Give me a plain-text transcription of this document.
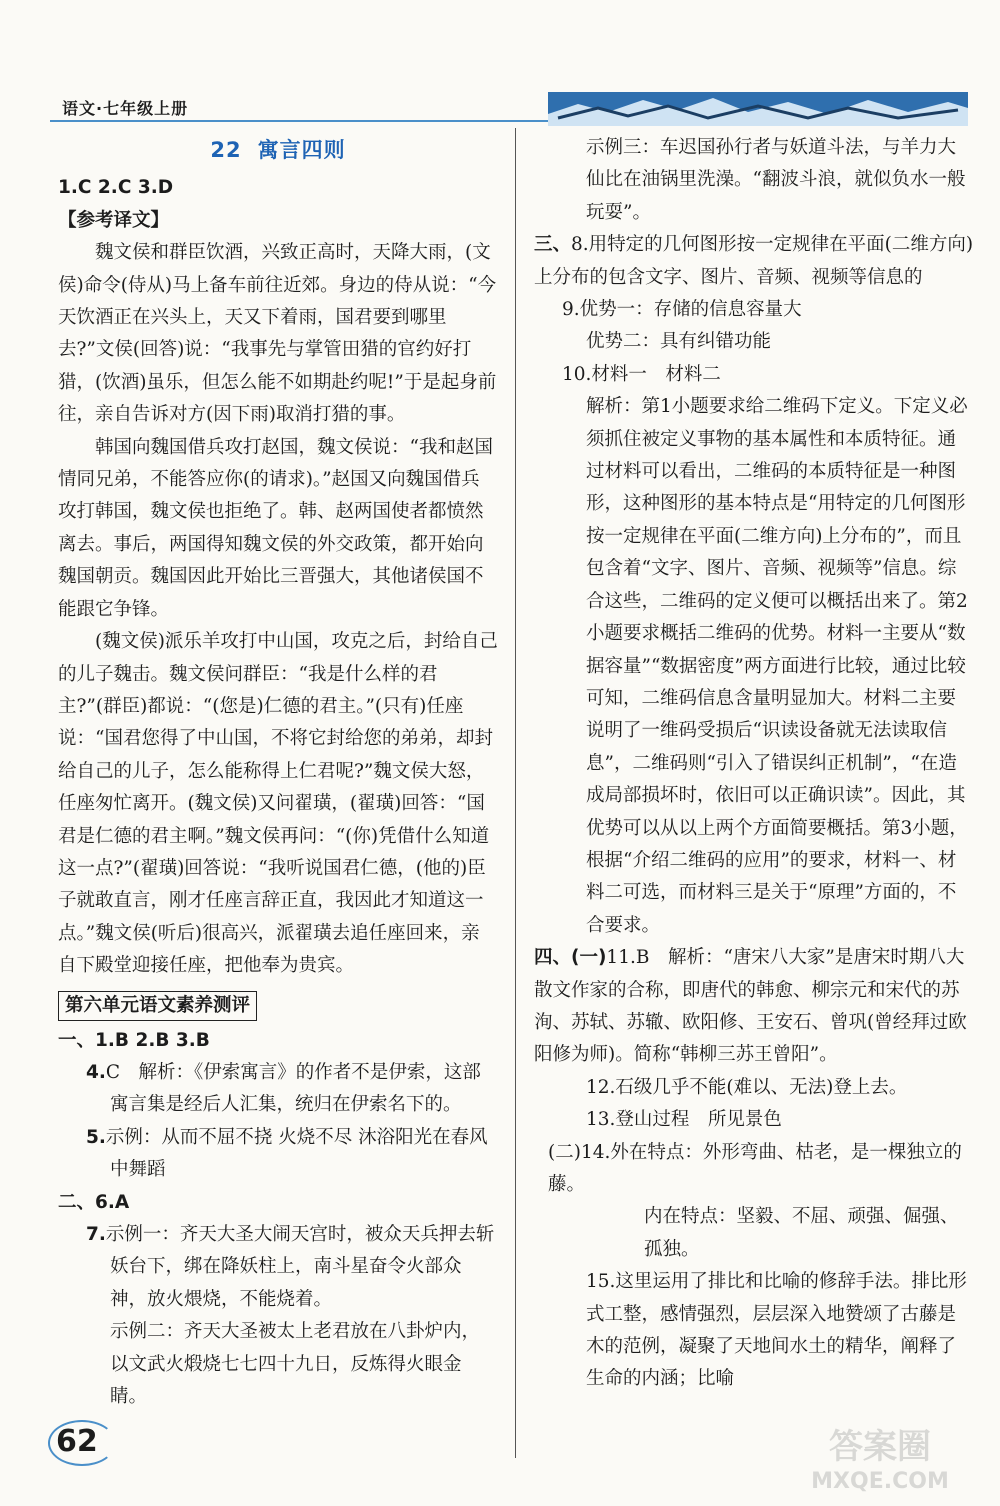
语文·七年级上册
22 寓言四则

1.C 2.C 3.D

【参考译文】

魏文侯和群臣饮酒，兴致正高时，天降大雨，(文侯)命令(侍从)马上备车前往近郊。身边的侍从说：“今天饮酒正在兴头上，天又下着雨，国君要到哪里去?”文侯(回答)说：“我事先与掌管田猎的官约好打猎，(饮酒)虽乐，但怎么能不如期赴约呢!”于是起身前往，亲自告诉对方(因下雨)取消打猎的事。

韩国向魏国借兵攻打赵国，魏文侯说：“我和赵国情同兄弟，不能答应你(的请求)。”赵国又向魏国借兵攻打韩国，魏文侯也拒绝了。韩、赵两国使者都愤然离去。事后，两国得知魏文侯的外交政策，都开始向魏国朝贡。魏国因此开始比三晋强大，其他诸侯国不能跟它争锋。

(魏文侯)派乐羊攻打中山国，攻克之后，封给自己的儿子魏击。魏文侯问群臣：“我是什么样的君主?”(群臣)都说：“(您是)仁德的君主。”(只有)任座说：“国君您得了中山国，不将它封给您的弟弟，却封给自己的儿子，怎么能称得上仁君呢?”魏文侯大怒，任座匆忙离开。(魏文侯)又问翟璜，(翟璜)回答：“国君是仁德的君主啊。”魏文侯再问：“(你)凭借什么知道这一点?”(翟璜)回答说：“我听说国君仁德，(他的)臣子就敢直言，刚才任座言辞正直，我因此才知道这一点。”魏文侯(听后)很高兴，派翟璜去追任座回来，亲自下殿堂迎接任座，把他奉为贵宾。

第六单元语文素养测评

一、1.B 2.B 3.B

4.C　解析：《伊索寓言》的作者不是伊索，这部寓言集是经后人汇集，统归在伊索名下的。

5.示例：从而不屈不挠 火烧不尽 沐浴阳光在春风中舞蹈

二、6.A

7.示例一：齐天大圣大闹天宫时，被众天兵押去斩妖台下，绑在降妖柱上，南斗星奋令火部众神，放火煨烧，不能烧着。

示例二：齐天大圣被太上老君放在八卦炉内，以文武火煅烧七七四十九日，反炼得火眼金睛。

示例三：车迟国孙行者与妖道斗法，与羊力大仙比在油锅里洗澡。“翻波斗浪，就似负水一般玩耍”。

三、8.用特定的几何图形按一定规律在平面(二维方向)上分布的包含文字、图片、音频、视频等信息的

9.优势一：存储的信息容量大

优势二：具有纠错功能

10.材料一　材料二

解析：第1小题要求给二维码下定义。下定义必须抓住被定义事物的基本属性和本质特征。通过材料可以看出，二维码的本质特征是一种图形，这种图形的基本特点是“用特定的几何图形按一定规律在平面(二维方向)上分布的”，而且包含着“文字、图片、音频、视频等”信息。综合这些，二维码的定义便可以概括出来了。第2小题要求概括二维码的优势。材料一主要从“数据容量”“数据密度”两方面进行比较，通过比较可知，二维码信息含量明显加大。材料二主要说明了一维码受损后“识读设备就无法读取信息”，二维码则“引入了错误纠正机制”，“在造成局部损坏时，依旧可以正确识读”。因此，其优势可以从以上两个方面简要概括。第3小题，根据“介绍二维码的应用”的要求，材料一、材料二可选，而材料三是关于“原理”方面的，不合要求。

四、(一)11.B　解析：“唐宋八大家”是唐宋时期八大散文作家的合称，即唐代的韩愈、柳宗元和宋代的苏洵、苏轼、苏辙、欧阳修、王安石、曾巩(曾经拜过欧阳修为师)。简称“韩柳三苏王曾阳”。

12.石级几乎不能(难以、无法)登上去。

13.登山过程　所见景色

(二)14.外在特点：外形弯曲、枯老，是一棵独立的藤。

内在特点：坚毅、不屈、顽强、倔强、孤独。

15.这里运用了排比和比喻的修辞手法。排比形式工整，感情强烈，层层深入地赞颂了古藤是木的范例，凝聚了天地间水土的精华，阐释了生命的内涵；比喻

62	答案圈
MXQE.COM
